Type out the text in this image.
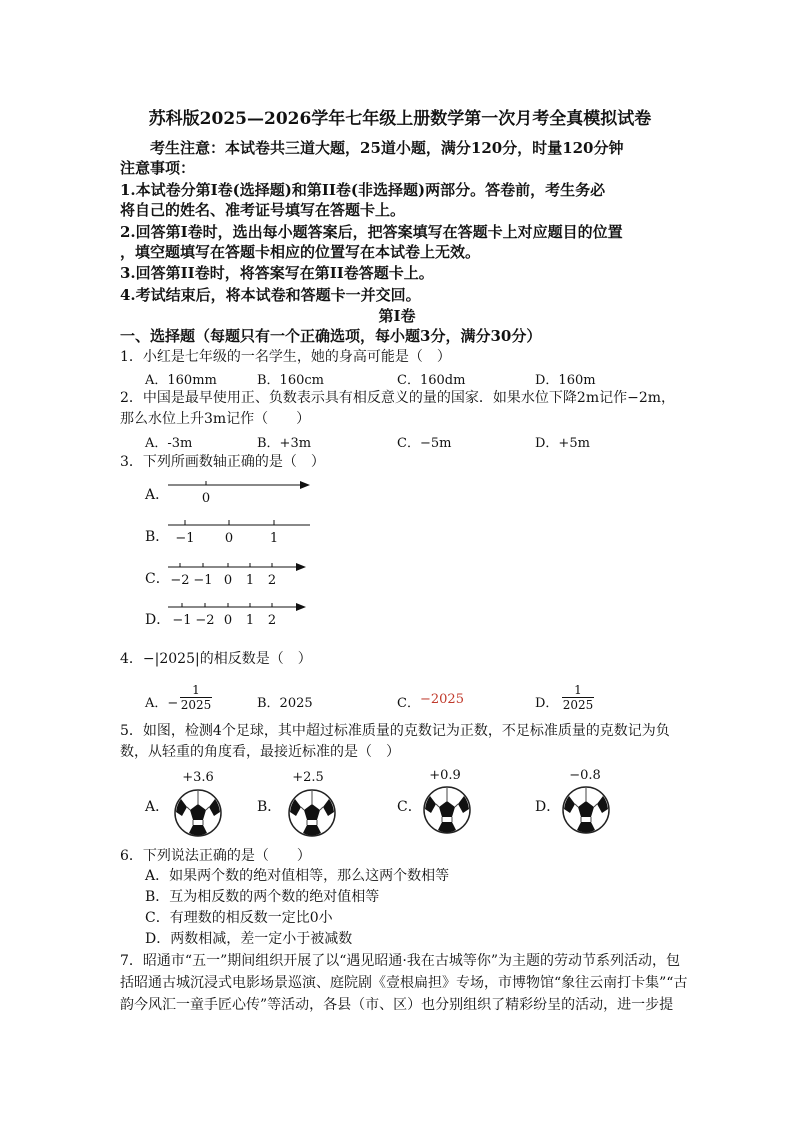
苏科版2025—2026学年七年级上册数学第一次月考全真模拟试卷
考生注意：本试卷共三道大题，25道小题，满分120分，时量120分钟
注意事项：
1.本试卷分第Ⅰ卷(选择题)和第II卷(非选择题)两部分。答卷前，考生务必
将自己的姓名、准考证号填写在答题卡上。
2.回答第Ⅰ卷时，选出每小题答案后，把答案填写在答题卡上对应题目的位置
，填空题填写在答题卡相应的位置写在本试卷上无效。
3.回答第II卷时，将答案写在第II卷答题卡上。
4.考试结束后，将本试卷和答题卡一并交回。
第Ⅰ卷
一、选择题（每题只有一个正确选项，每小题3分，满分30分）
1．小红是七年级的一名学生，她的身高可能是（　）
A．160mm	B．160cm	C．160dm	D．160m
2．中国是最早使用正、负数表示具有相反意义的量的国家．如果水位下降2m记作−2m，
那么水位上升3m记作（　　）
A．-3m	B．+3m	C．−5m	D．+5m
3．下列所画数轴正确的是（　）
A．	0
B． −1 0	1
C． −2 −1 0 1 2
D． −1 −2 0 1 2
4．−|2025|的相反数是（　）
A．− $\frac{1}{2025}$	B．2025	C． −2025	D． $\frac{1}{2025}$
5．如图，检测4个足球，其中超过标准质量的克数记为正数，不足标准质量的克数记为负
数，从轻重的角度看，最接近标准的是（　）
+3.6	+2.5	+0.9	−0.8
A．	B．	C．	D．
6．下列说法正确的是（　　）
A．如果两个数的绝对值相等，那么这两个数相等
B．互为相反数的两个数的绝对值相等
C．有理数的相反数一定比0小
D．两数相减，差一定小于被减数
7．昭通市“五一”期间组织开展了以“遇见昭通·我在古城等你”为主题的劳动节系列活动，包
括昭通古城沉浸式电影场景巡演、庭院剧《壹根扁担》专场，市博物馆“象往云南打卡集”“古
韵今风汇一童手匠心传”等活动，各县（市、区）也分别组织了精彩纷呈的活动，进一步提
